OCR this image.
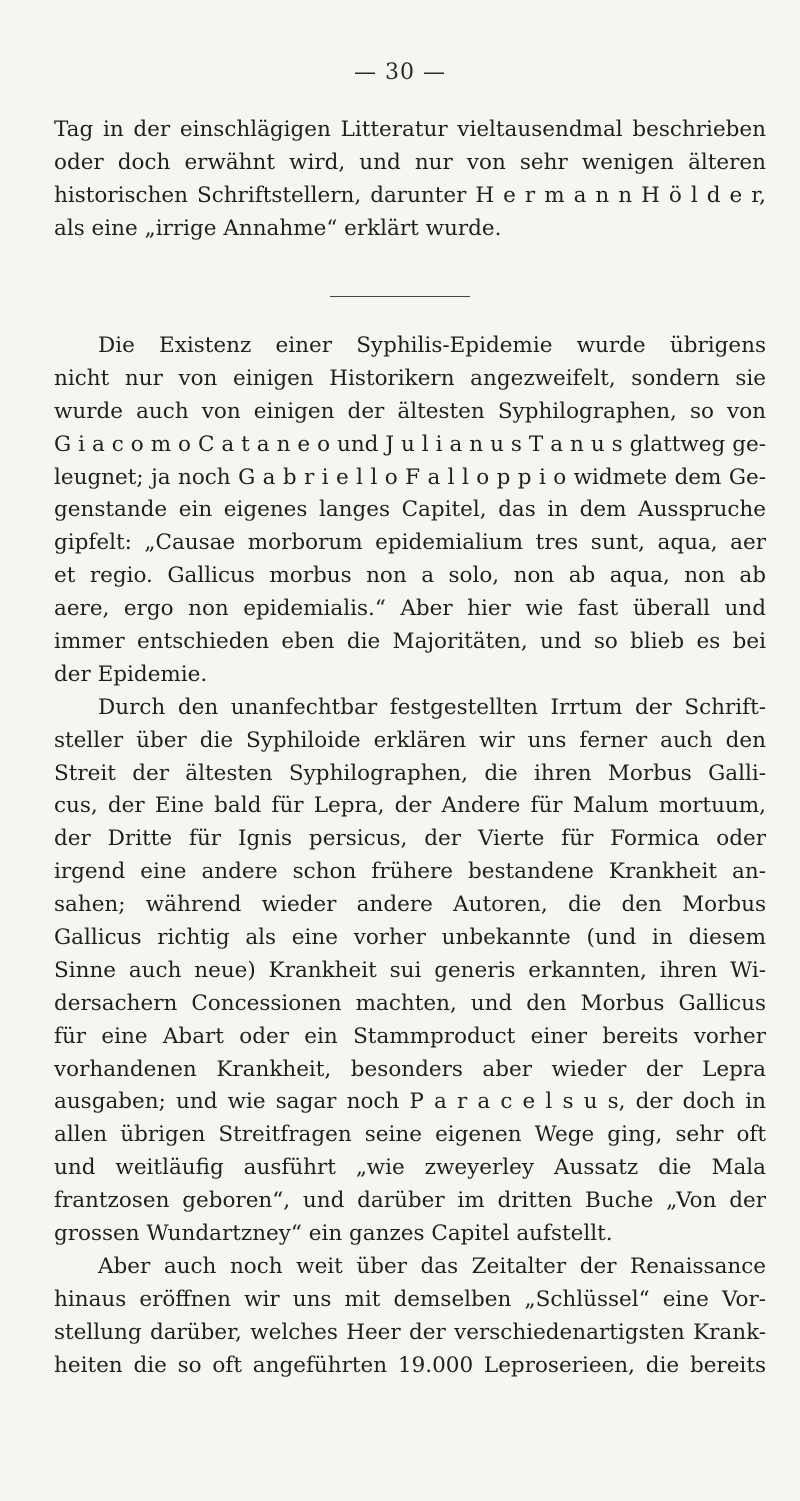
— 30 —
Tag in der einschlägigen Litteratur vieltausendmal beschrieben
oder doch erwähnt wird, und nur von sehr wenigen älteren
historischen Schriftstellern, darunter H e r m a n n H ö l d e r,
als eine „irrige Annahme“ erklärt wurde.
Die Existenz einer Syphilis-Epidemie wurde übrigens
nicht nur von einigen Historikern angezweifelt, sondern sie
wurde auch von einigen der ältesten Syphilographen, so von
G i a c o m o C a t a n e o und J u l i a n u s T a n u s glattweg ge-
leugnet; ja noch G a b r i e l l o F a l l o p p i o widmete dem Ge-
genstande ein eigenes langes Capitel, das in dem Ausspruche
gipfelt: „Causae morborum epidemialium tres sunt, aqua, aer
et regio. Gallicus morbus non a solo, non ab aqua, non ab
aere, ergo non epidemialis.“ Aber hier wie fast überall und
immer entschieden eben die Majoritäten, und so blieb es bei
der Epidemie.
Durch den unanfechtbar festgestellten Irrtum der Schrift-
steller über die Syphiloide erklären wir uns ferner auch den
Streit der ältesten Syphilographen, die ihren Morbus Galli-
cus, der Eine bald für Lepra, der Andere für Malum mortuum,
der Dritte für Ignis persicus, der Vierte für Formica oder
irgend eine andere schon frühere bestandene Krankheit an-
sahen; während wieder andere Autoren, die den Morbus
Gallicus richtig als eine vorher unbekannte (und in diesem
Sinne auch neue) Krankheit sui generis erkannten, ihren Wi-
dersachern Concessionen machten, und den Morbus Gallicus
für eine Abart oder ein Stammproduct einer bereits vorher
vorhandenen Krankheit, besonders aber wieder der Lepra
ausgaben; und wie sagar noch P a r a c e l s u s, der doch in
allen übrigen Streitfragen seine eigenen Wege ging, sehr oft
und weitläufig ausführt „wie zweyerley Aussatz die Mala
frantzosen geboren“, und darüber im dritten Buche „Von der
grossen Wundartzney“ ein ganzes Capitel aufstellt.
Aber auch noch weit über das Zeitalter der Renaissance
hinaus eröffnen wir uns mit demselben „Schlüssel“ eine Vor-
stellung darüber, welches Heer der verschiedenartigsten Krank-
heiten die so oft angeführten 19.000 Leproserieen, die bereits
